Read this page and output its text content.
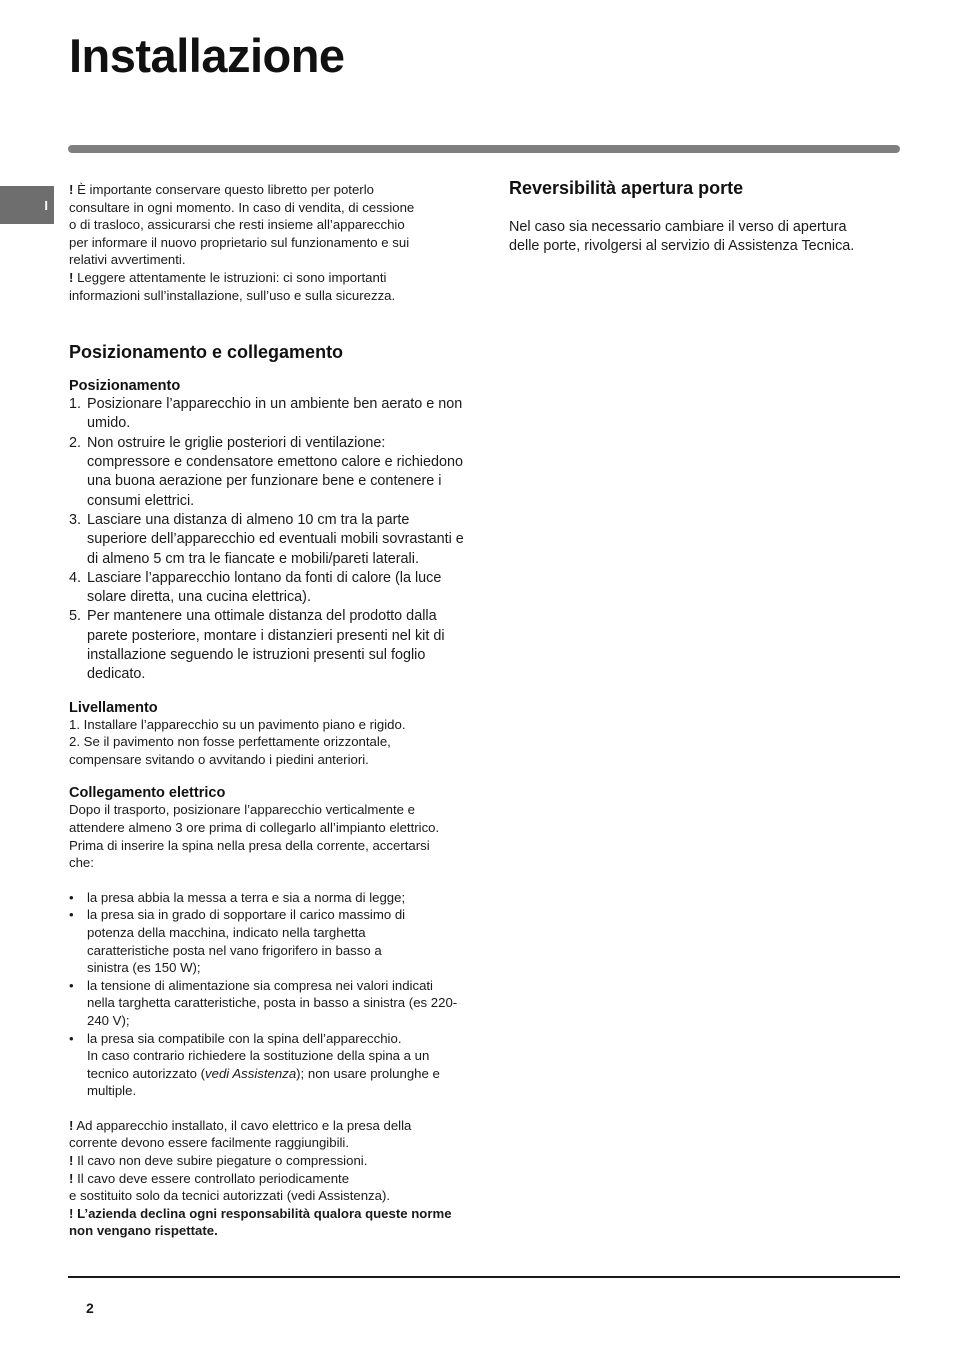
Installazione
I

! È importante conservare questo libretto per poterlo consultare in ogni momento. In caso di vendita, di cessione o di trasloco, assicurarsi che resti insieme all’apparecchio per informare il nuovo proprietario sul funzionamento e sui relativi avvertimenti.

! Leggere attentamente le istruzioni: ci sono importanti informazioni sull’installazione, sull’uso e sulla sicurezza.

Posizionamento e collegamento
Posizionamento
1. Posizionare l’apparecchio in un ambiente ben aerato e non umido.
2. Non ostruire le griglie posteriori di ventilazione: compressore e condensatore emettono calore e richiedono una buona aerazione per funzionare bene e contenere i consumi elettrici.
3. Lasciare una distanza di almeno 10 cm tra la parte superiore dell’apparecchio ed eventuali mobili sovrastanti e di almeno 5 cm tra le fiancate e mobili/pareti laterali.
4. Lasciare l’apparecchio lontano da fonti di calore (la luce solare diretta, una cucina elettrica).
5. Per mantenere una ottimale distanza del prodotto dalla parete posteriore, montare i distanzieri presenti nel kit di installazione seguendo le istruzioni presenti sul foglio dedicato.
Livellamento

1. Installare l’apparecchio su un pavimento piano e rigido.

2. Se il pavimento non fosse perfettamente orizzontale, compensare svitando o avvitando i piedini anteriori.

Collegamento elettrico

Dopo il trasporto, posizionare l’apparecchio verticalmente e attendere almeno 3 ore prima di collegarlo all’impianto elettrico. Prima di inserire la spina nella presa della corrente, accertarsi che:

• la presa abbia la messa a terra e sia a norma di legge;
• la presa sia in grado di sopportare il carico massimo di potenza della macchina, indicato nella targhetta caratteristiche posta nel vano frigorifero in basso a sinistra (es 150 W);
• la tensione di alimentazione sia compresa nei valori indicati nella targhetta caratteristiche, posta in basso a sinistra (es 220-240 V);
• la presa sia compatibile con la spina dell’apparecchio.
In caso contrario richiedere la sostituzione della spina a un tecnico autorizzato (vedi Assistenza); non usare prolunghe e multiple.

! Ad apparecchio installato, il cavo elettrico e la presa della corrente devono essere facilmente raggiungibili.

! Il cavo non deve subire piegature o compressioni.

! Il cavo deve essere controllato periodicamente

e sostituito solo da tecnici autorizzati (vedi Assistenza).

! L’azienda declina ogni responsabilità qualora queste norme non vengano rispettate.

Reversibilità apertura porte

Nel caso sia necessario cambiare il verso di apertura delle porte, rivolgersi al servizio di Assistenza Tecnica.

2
